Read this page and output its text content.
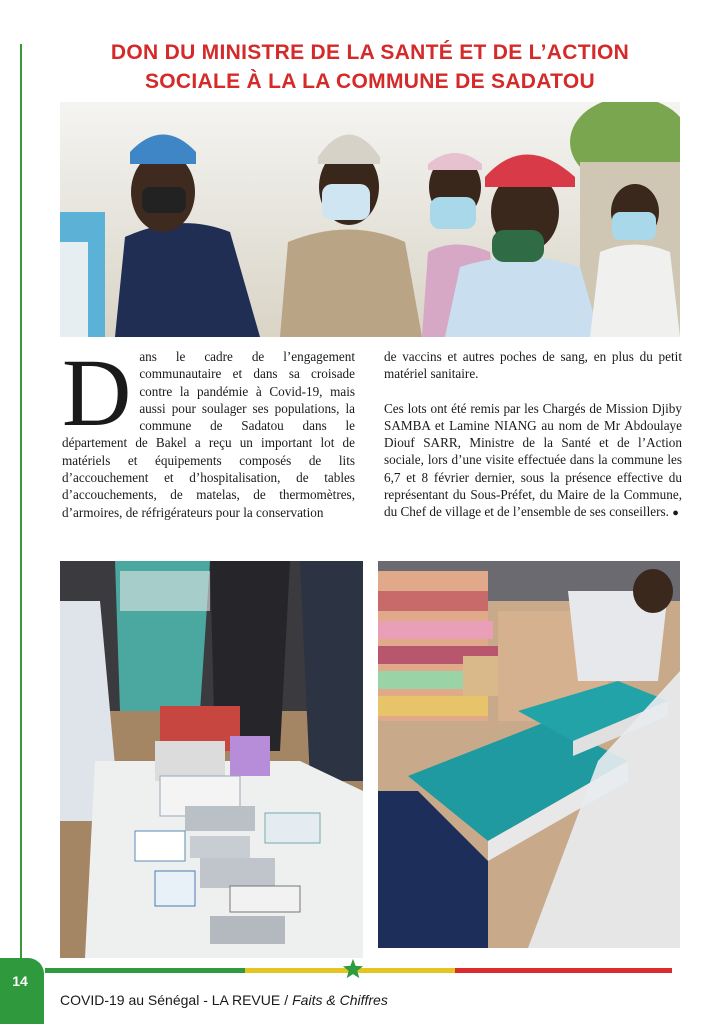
DON DU MINISTRE DE LA SANTÉ ET DE L’ACTION
SOCIALE À LA LA COMMUNE DE SADATOU

Dans le cadre de l’engagement communautaire et dans sa croisade contre la pandémie à Covid-19, mais aussi pour soulager ses populations, la commune de Sadatou dans le département de Bakel a reçu un important lot de matériels et équipements composés de lits d’accouchement et d’hospitalisation, de tables d’accouchements, de matelas, de thermomètres, d’armoires, de réfrigérateurs pour la conservation

de vaccins et autres poches de sang, en plus du petit matériel sanitaire.

Ces lots ont été remis par les Chargés de Mission Djiby SAMBA et Lamine NIANG au nom de Mr Abdoulaye Diouf SARR, Ministre de la Santé et de l’Action sociale, lors d’une visite effectuée dans la commune les 6,7 et 8 février dernier, sous la présence effective du représentant du Sous-Préfet, du Maire de la Commune, du Chef de village et de l’ensemble de ses conseillers. ●

14
COVID-19 au Sénégal - LA REVUE / Faits & Chiffres
